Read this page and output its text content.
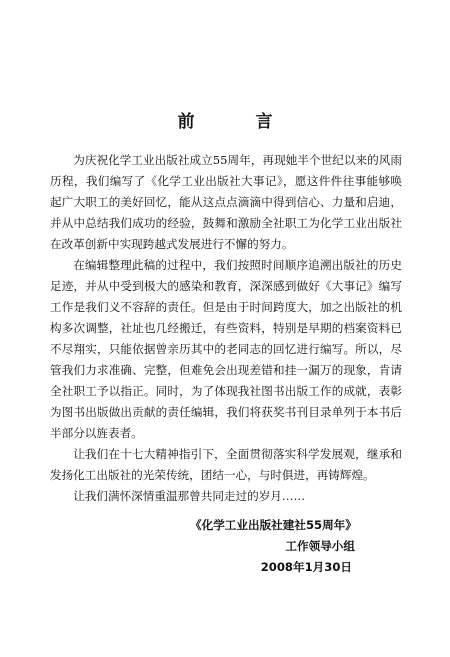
前　言

为庆祝化学工业出版社成立55周年，再现她半个世纪以来的风雨历程，我们编写了《化学工业出版社大事记》，愿这件件往事能够唤起广大职工的美好回忆，能从这点点滴滴中得到信心、力量和启迪，并从中总结我们成功的经验，鼓舞和激励全社职工为化学工业出版社在改革创新中实现跨越式发展进行不懈的努力。

在编辑整理此稿的过程中，我们按照时间顺序追溯出版社的历史足迹，并从中受到极大的感染和教育，深深感到做好《大事记》编写工作是我们义不容辞的责任。但是由于时间跨度大，加之出版社的机构多次调整，社址也几经搬迁，有些资料，特别是早期的档案资料已不尽翔实，只能依据曾亲历其中的老同志的回忆进行编写。所以，尽管我们力求准确、完整，但难免会出现差错和挂一漏万的现象，肯请全社职工予以指正。同时，为了体现我社图书出版工作的成就，表彰为图书出版做出贡献的责任编辑，我们将获奖书刊目录单列于本书后半部分以旌表者。

让我们在十七大精神指引下，全面贯彻落实科学发展观，继承和发扬化工出版社的光荣传统，团结一心，与时俱进，再铸辉煌。

让我们满怀深情重温那曾共同走过的岁月……

《化学工业出版社建社55周年》
工作领导小组
2008年1月30日
